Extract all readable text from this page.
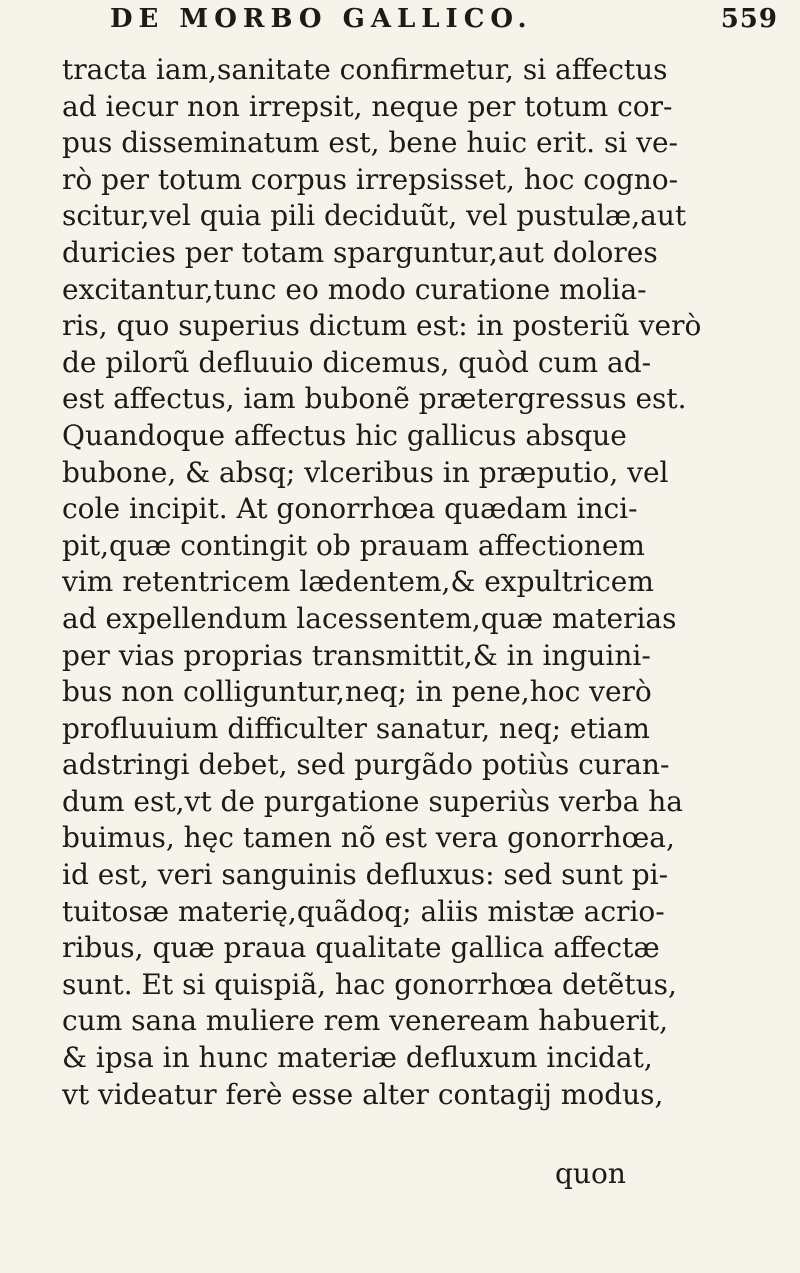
DE MORBO GALLICO.	559
tracta iam,sanitate confirmetur, si affectus
ad iecur non irrepsit, neque per totum cor-
pus disseminatum est, bene huic erit. si ve-
rò per totum corpus irrepsisset, hoc cogno-
scitur,vel quia pili deciduũt, vel pustulæ,aut
duricies per totam sparguntur,aut dolores
excitantur,tunc eo modo curatione molia-
ris, quo superius dictum est: in posteriũ verò
de pilorũ defluuio dicemus, quòd cum ad-
est affectus, iam bubonẽ prætergressus est.
Quandoque affectus hic gallicus absque
bubone, & absq; vlceribus in præputio, vel
cole incipit. At gonorrhœa quædam inci-
pit,quæ contingit ob prauam affectionem
vim retentricem lædentem,& expultricem
ad expellendum lacessentem,quæ materias
per vias proprias transmittit,& in inguini-
bus non colliguntur,neq; in pene,hoc verò
profluuium difficulter sanatur, neq; etiam
adstringi debet, sed purgãdo potiùs curan-
dum est,vt de purgatione superiùs verba ha
buimus, hęc tamen nõ est vera gonorrhœa,
id est, veri sanguinis defluxus: sed sunt pi-
tuitosæ materię,quãdoq; aliis mistæ acrio-
ribus, quæ praua qualitate gallica affectæ
sunt. Et si quispiã, hac gonorrhœa detẽtus,
cum sana muliere rem veneream habuerit,
& ipsa in hunc materiæ defluxum incidat,
vt videatur ferè esse alter contagij modus,
quon
